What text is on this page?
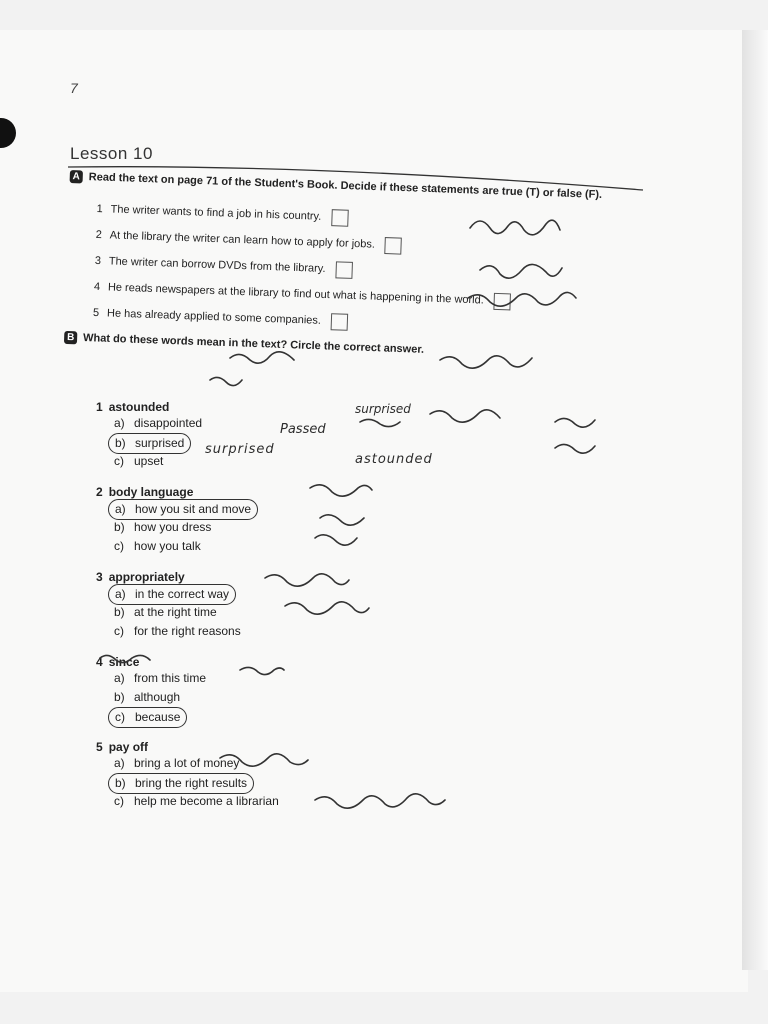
7
Lesson 10
A Read the text on page 71 of the Student's Book. Decide if these statements are true (T) or false (F).
1 The writer wants to find a job in his country.
2 At the library the writer can learn how to apply for jobs.
3 The writer can borrow DVDs from the library.
4 He reads newspapers at the library to find out what is happening in the world.
5 He has already applied to some companies.
B What do these words mean in the text? Circle the correct answer.
1 astounded
a) disappointed
b) surprised
c) upset
2 body language
a) how you sit and move
b) how you dress
c) how you talk
3 appropriately
a) in the correct way
b) at the right time
c) for the right reasons
4 since
a) from this time
b) although
c) because
5 pay off
a) bring a lot of money
b) bring the right results
c) help me become a librarian
surprised
Passed
surprised
astounded
